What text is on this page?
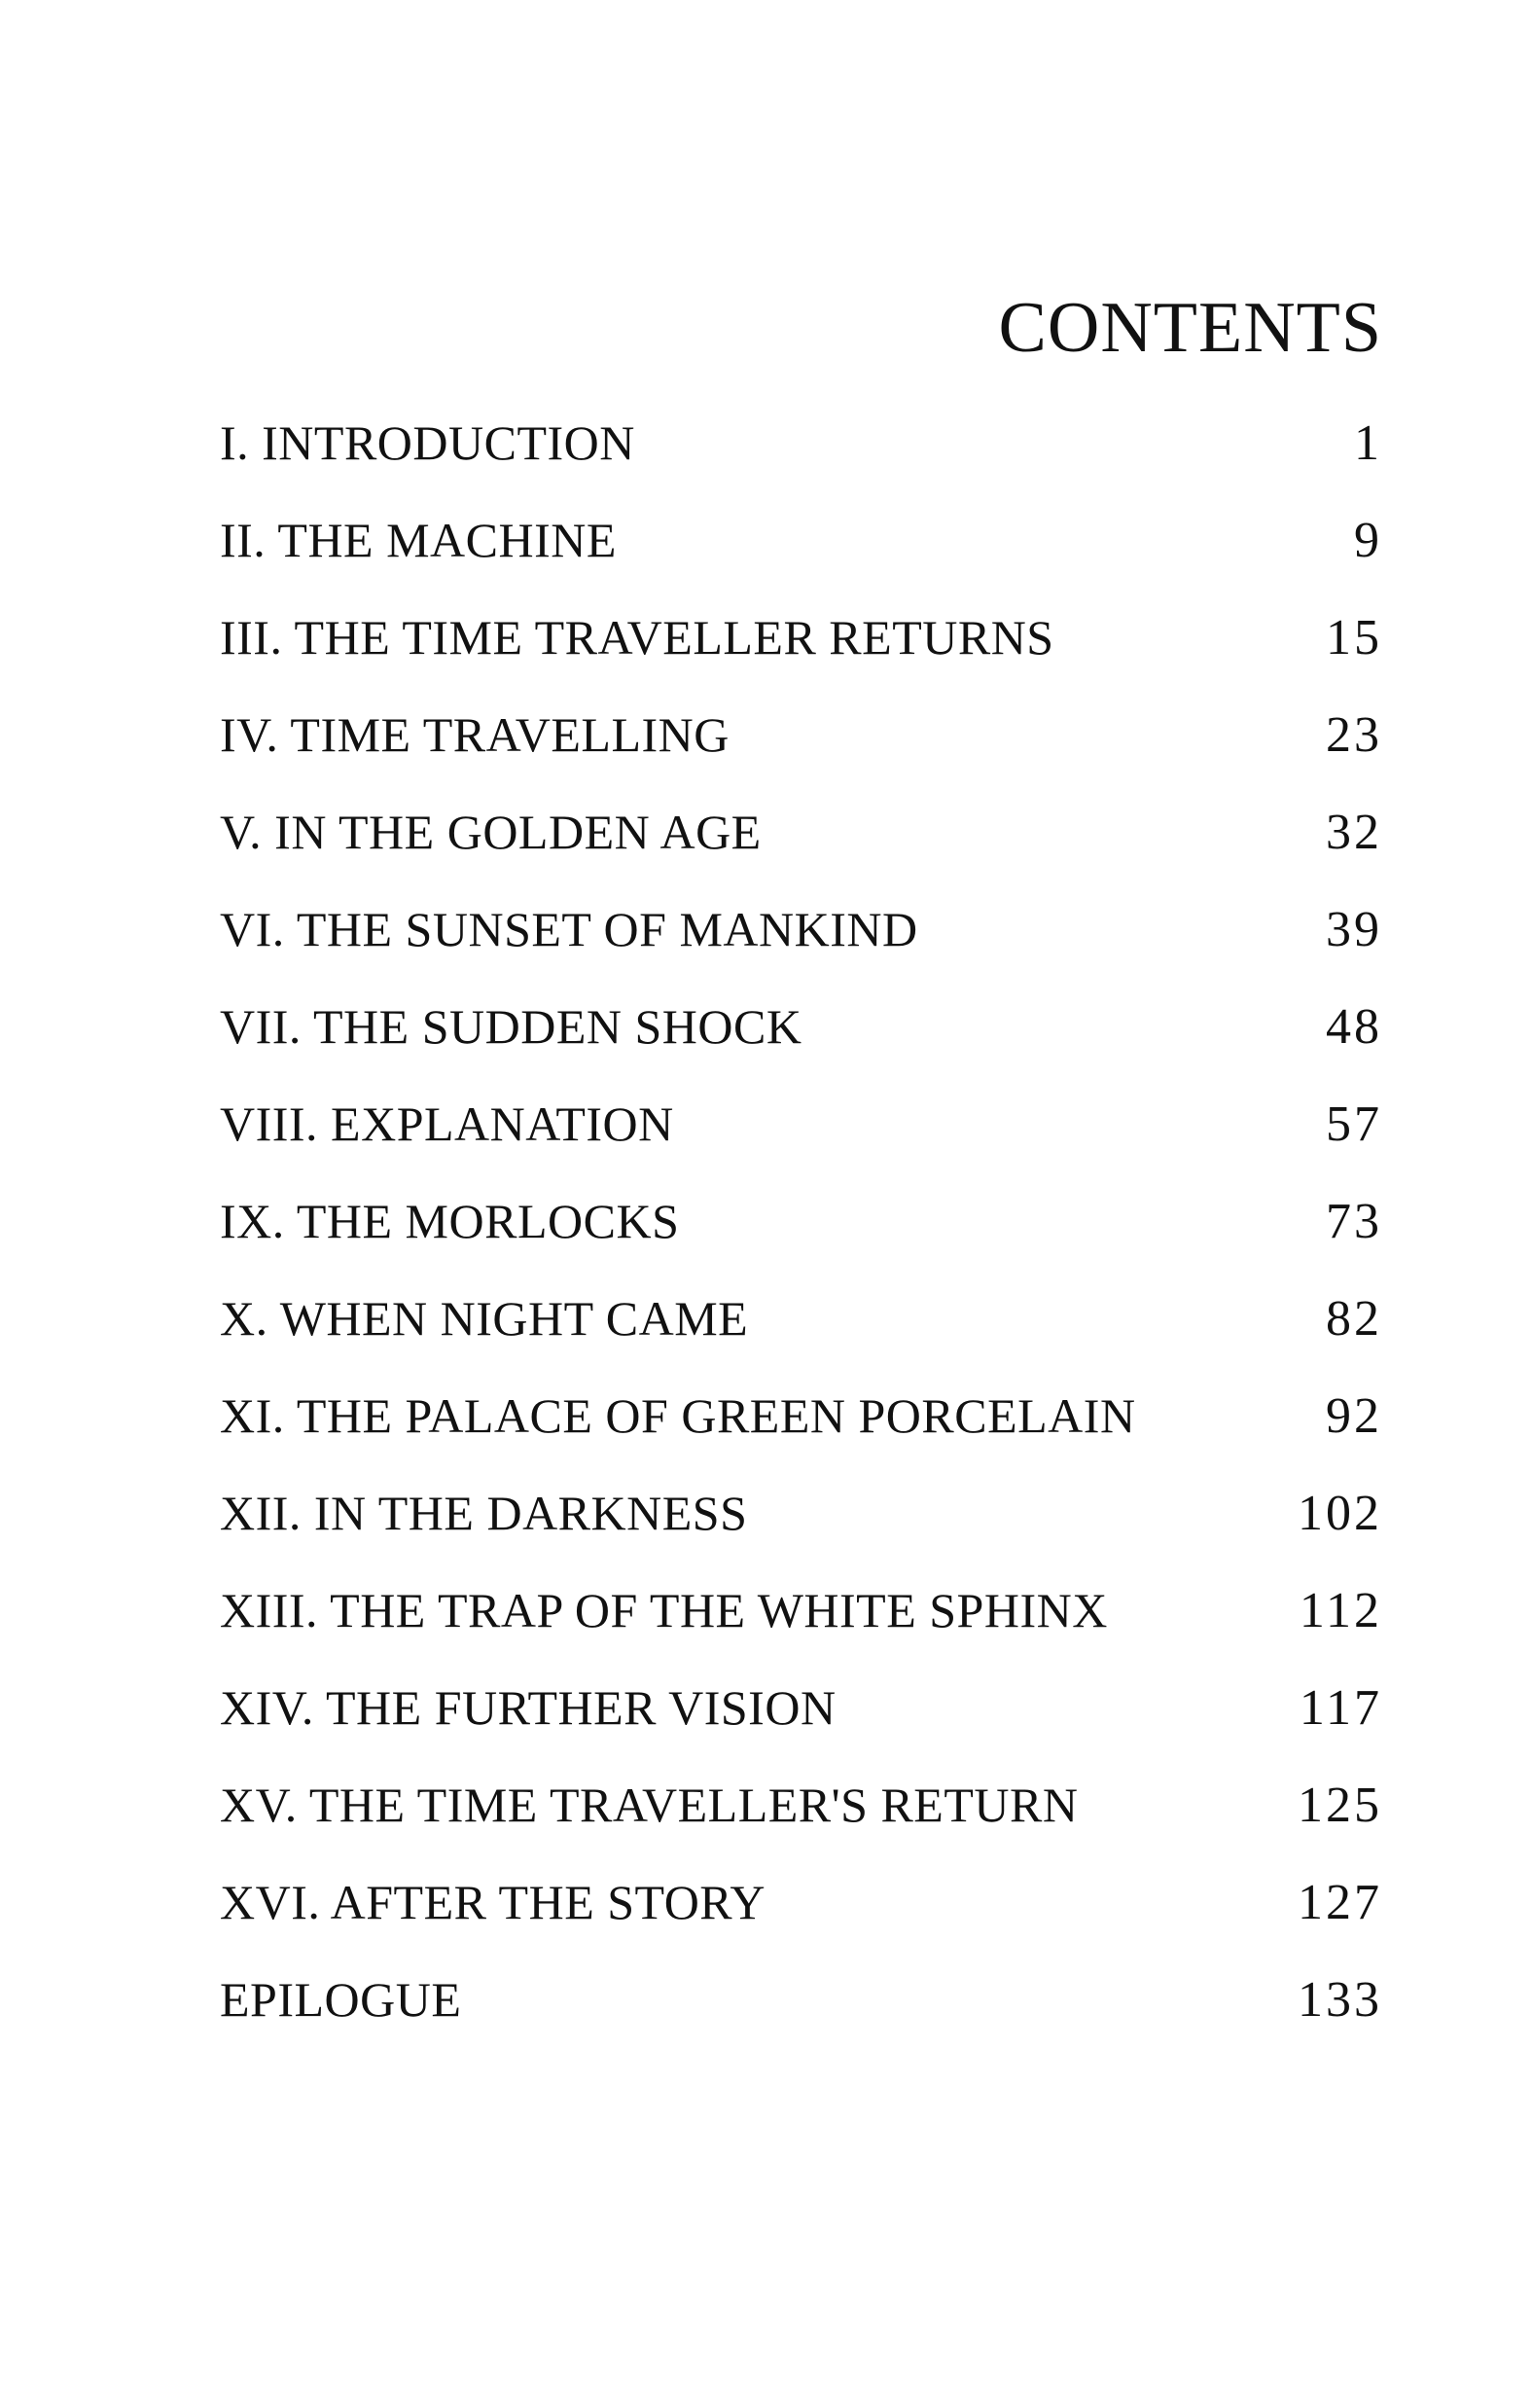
CONTENTS
I. INTRODUCTION	1
II. THE MACHINE	9
III. THE TIME TRAVELLER RETURNS	15
IV. TIME TRAVELLING	23
V. IN THE GOLDEN AGE	32
VI. THE SUNSET OF MANKIND	39
VII. THE SUDDEN SHOCK	48
VIII. EXPLANATION	57
IX. THE MORLOCKS	73
X. WHEN NIGHT CAME	82
XI. THE PALACE OF GREEN PORCELAIN	92
XII. IN THE DARKNESS	102
XIII. THE TRAP OF THE WHITE SPHINX	112
XIV. THE FURTHER VISION	117
XV. THE TIME TRAVELLER'S RETURN	125
XVI. AFTER THE STORY	127
EPILOGUE	133
